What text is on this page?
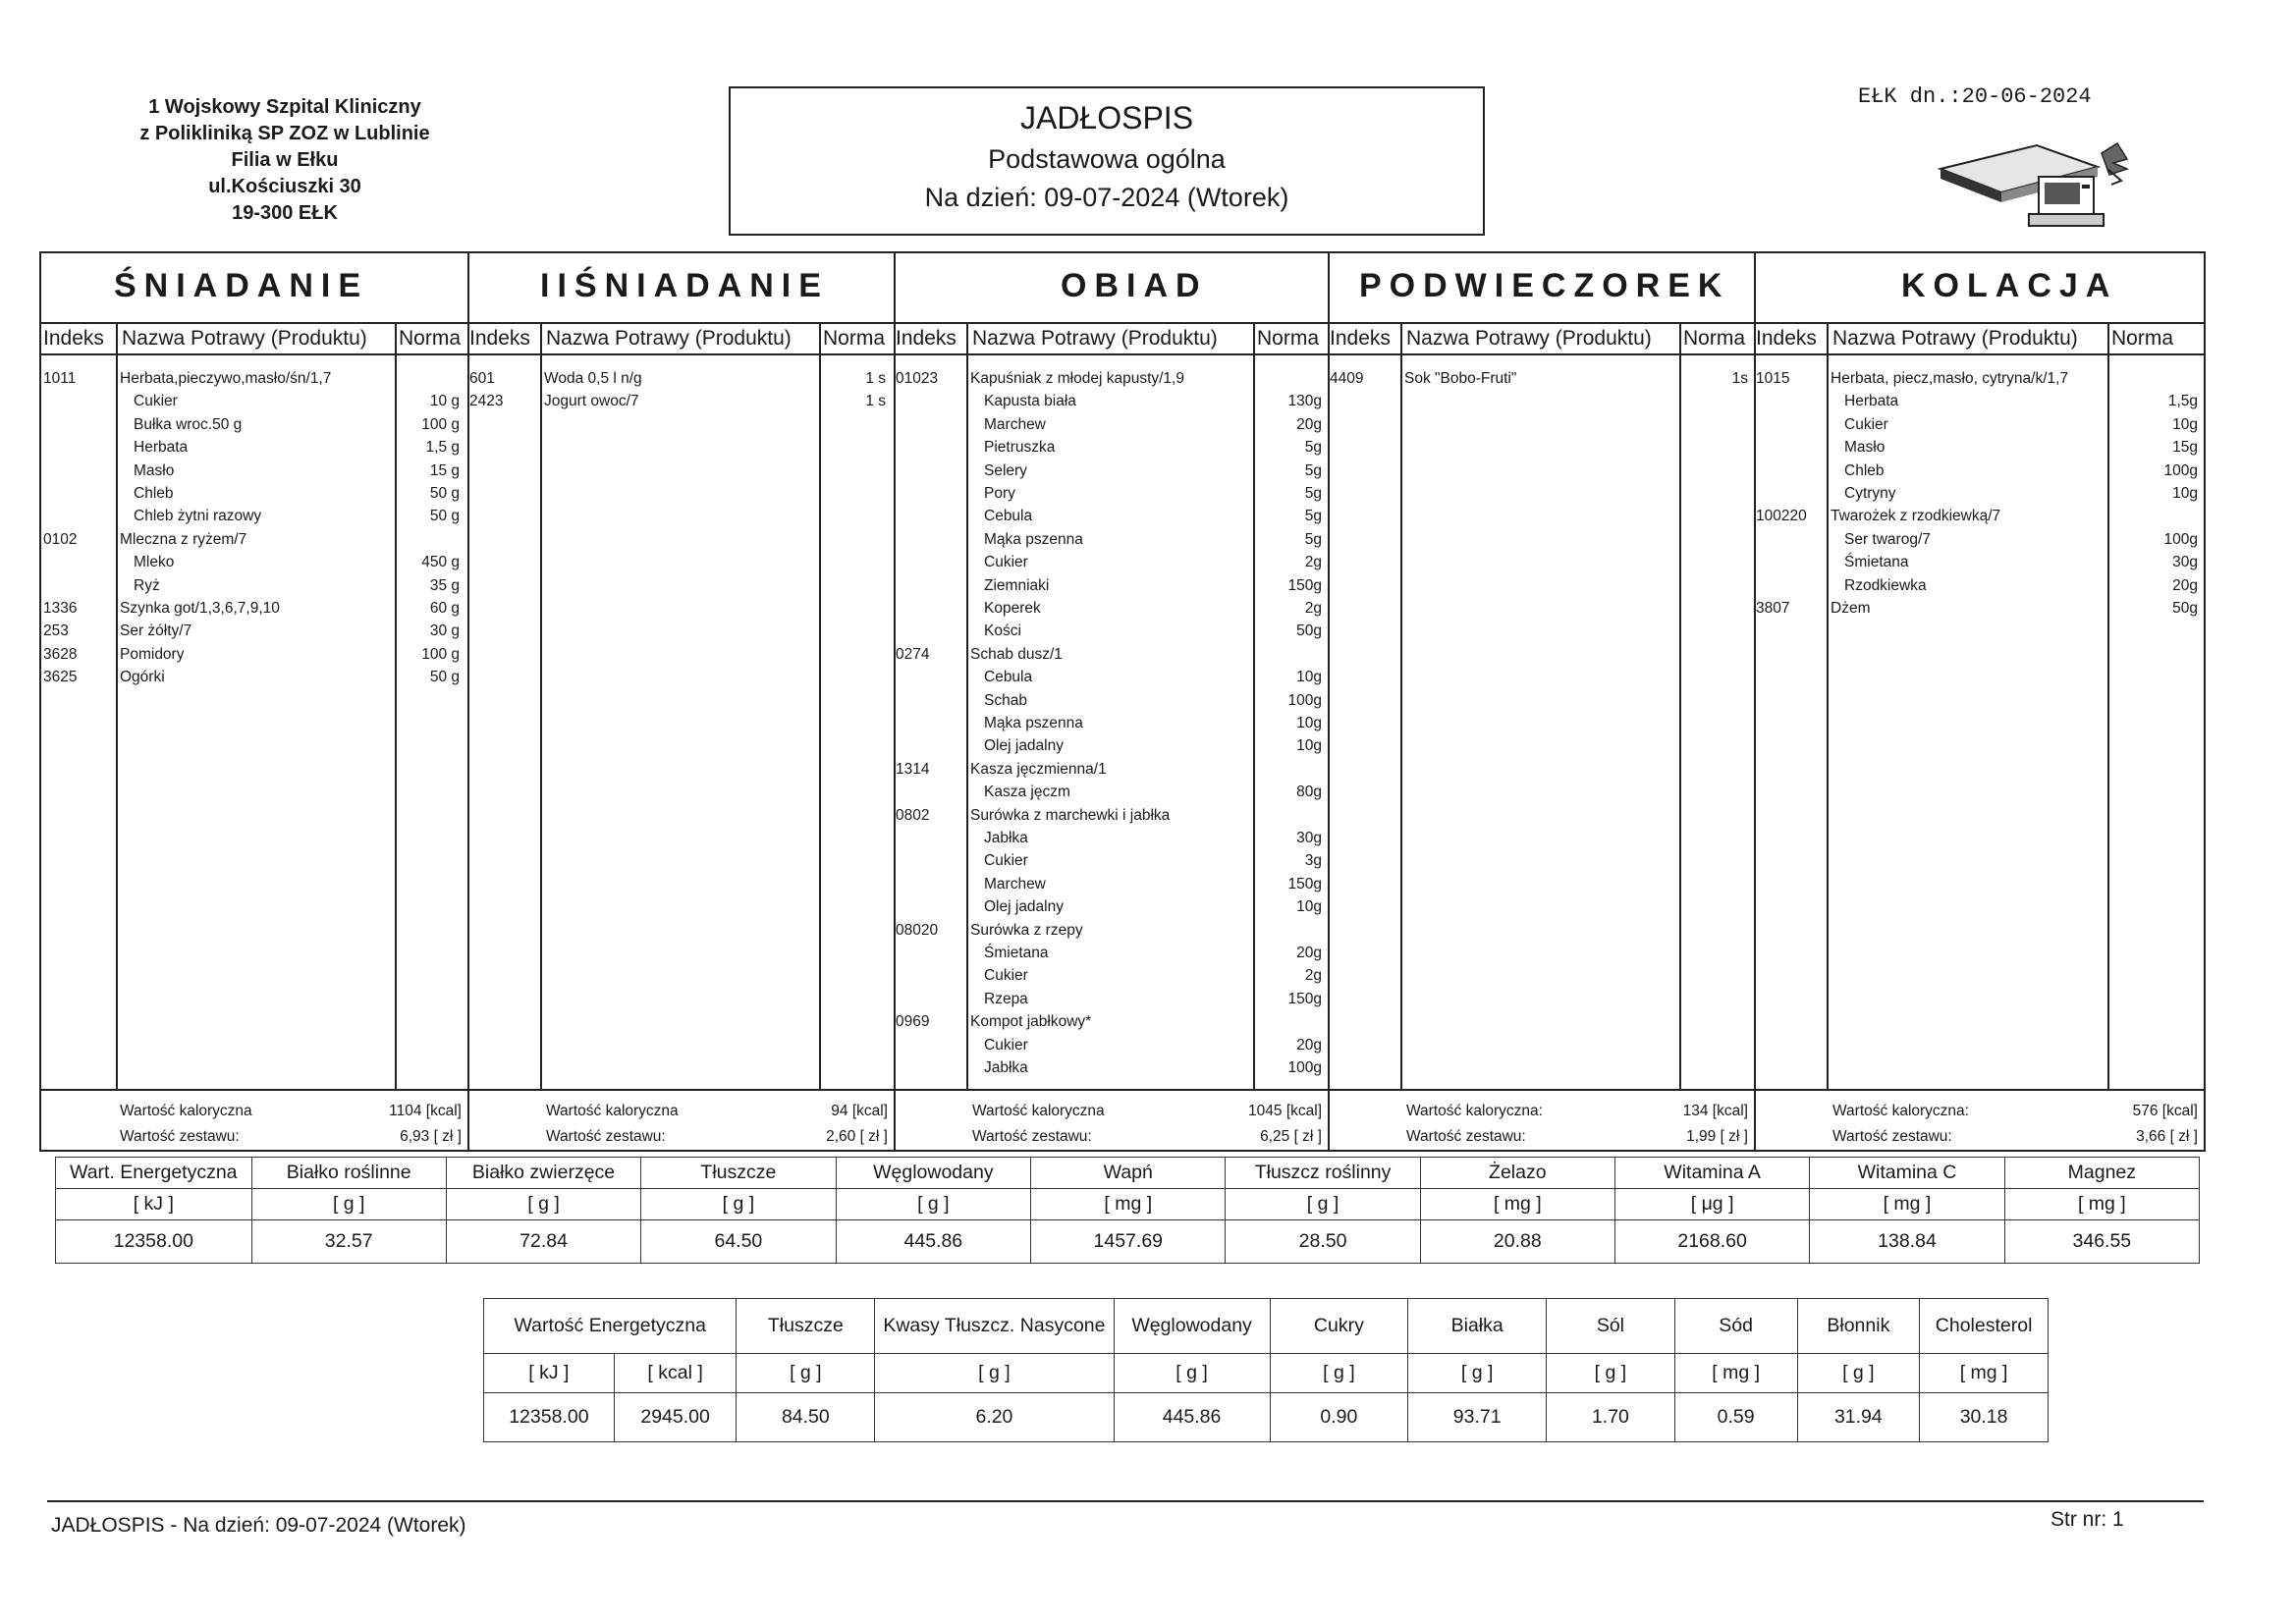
1 Wojskowy Szpital Kliniczny
z Polikliniką SP ZOZ w Lublinie
Filia w Ełku
ul.Kościuszki 30
19-300 EŁK
JADŁOSPIS
Podstawowa ogólna
Na dzień: 09-07-2024 (Wtorek)
EŁK dn.:20-06-2024
ŚNIADANIE
Indeks Nazwa Potrawy (Produktu)	Norma
1011	Herbata,pieczywo,masło/śn/1,7
Cukier	10 g
Bułka wroc.50 g	100 g
Herbata	1,5 g
Masło	15 g
Chleb	50 g
Chleb żytni razowy	50 g
0102	Mleczna z ryżem/7
Mleko	450 g
Ryż	35 g
1336	Szynka got/1,3,6,7,9,10	60 g
253	Ser żółty/7	30 g
3628	Pomidory	100 g
3625	Ogórki	50 g
Wartość kaloryczna	1104 [kcal]
Wartość zestawu:	6,93 [ zł ]
IIŚNIADANIE
Indeks Nazwa Potrawy (Produktu)	Norma
601	Woda 0,5 l n/g	1 s
2423	Jogurt owoc/7	1 s
Wartość kaloryczna	94 [kcal]
Wartość zestawu:	2,60 [ zł ]
OBIAD
Indeks Nazwa Potrawy (Produktu)	Norma
01023 Kapuśniak z młodej kapusty/1,9
Kapusta biała	130g
Marchew	20g
Pietruszka	5g
Selery	5g
Pory	5g
Cebula	5g
Mąka pszenna	5g
Cukier	2g
Ziemniaki	150g
Koperek	2g
Kości	50g
0274	Schab dusz/1
Cebula	10g
Schab	100g
Mąka pszenna	10g
Olej jadalny	10g
1314	Kasza jęczmienna/1
Kasza jęczm	80g
0802	Surówka z marchewki i jabłka
Jabłka	30g
Cukier	3g
Marchew	150g
Olej jadalny	10g
08020 Surówka z rzepy
Śmietana	20g
Cukier	2g
Rzepa	150g
0969	Kompot jabłkowy*
Cukier	20g
Jabłka	100g
Wartość kaloryczna	1045 [kcal]
Wartość zestawu:	6,25 [ zł ]
PODWIECZOREK
Indeks Nazwa Potrawy (Produktu)	Norma
4409	Sok "Bobo-Fruti"	1s
Wartość kaloryczna:	134 [kcal]
Wartość zestawu:	1,99 [ zł ]
KOLACJA
Indeks Nazwa Potrawy (Produktu)	Norma
1015	Herbata, piecz,masło, cytryna/k/1,7
Herbata	1,5g
Cukier	10g
Masło	15g
Chleb	100g
Cytryny	10g
100220 Twarożek z rzodkiewką/7
Ser twarog/7	100g
Śmietana	30g
Rzodkiewka	20g
3807	Dżem	50g
Wartość kaloryczna:	576 [kcal]
Wartość zestawu:	3,66 [ zł ]
Wart. Energetyczna	Białko roślinne	Białko zwierzęce	Tłuszcze	Węglowodany	Wapń	Tłuszcz roślinny	Żelazo	Witamina A	Witamina C	Magnez
[ kJ ]	[ g ]	[ g ]	[ g ]	[ g ]	[ mg ]	[ g ]	[ mg ]	[ μg ]	[ mg ]	[ mg ]
12358.00	32.57	72.84	64.50	445.86	1457.69	28.50	20.88	2168.60	138.84	346.55
Wartość Energetyczna		Tłuszcze	Kwasy Tłuszcz. Nasycone	Węglowodany	Cukry	Białka	Sól	Sód	Błonnik	Cholesterol
[ kJ ]	[ kcal ]	[ g ]	[ g ]	[ g ]	[ g ]	[ g ]	[ g ]	[ mg ]	[ g ]	[ mg ]
12358.00	2945.00	84.50	6.20	445.86	0.90	93.71	1.70	0.59	31.94	30.18
JADŁOSPIS - Na dzień: 09-07-2024 (Wtorek)	Str nr: 1
